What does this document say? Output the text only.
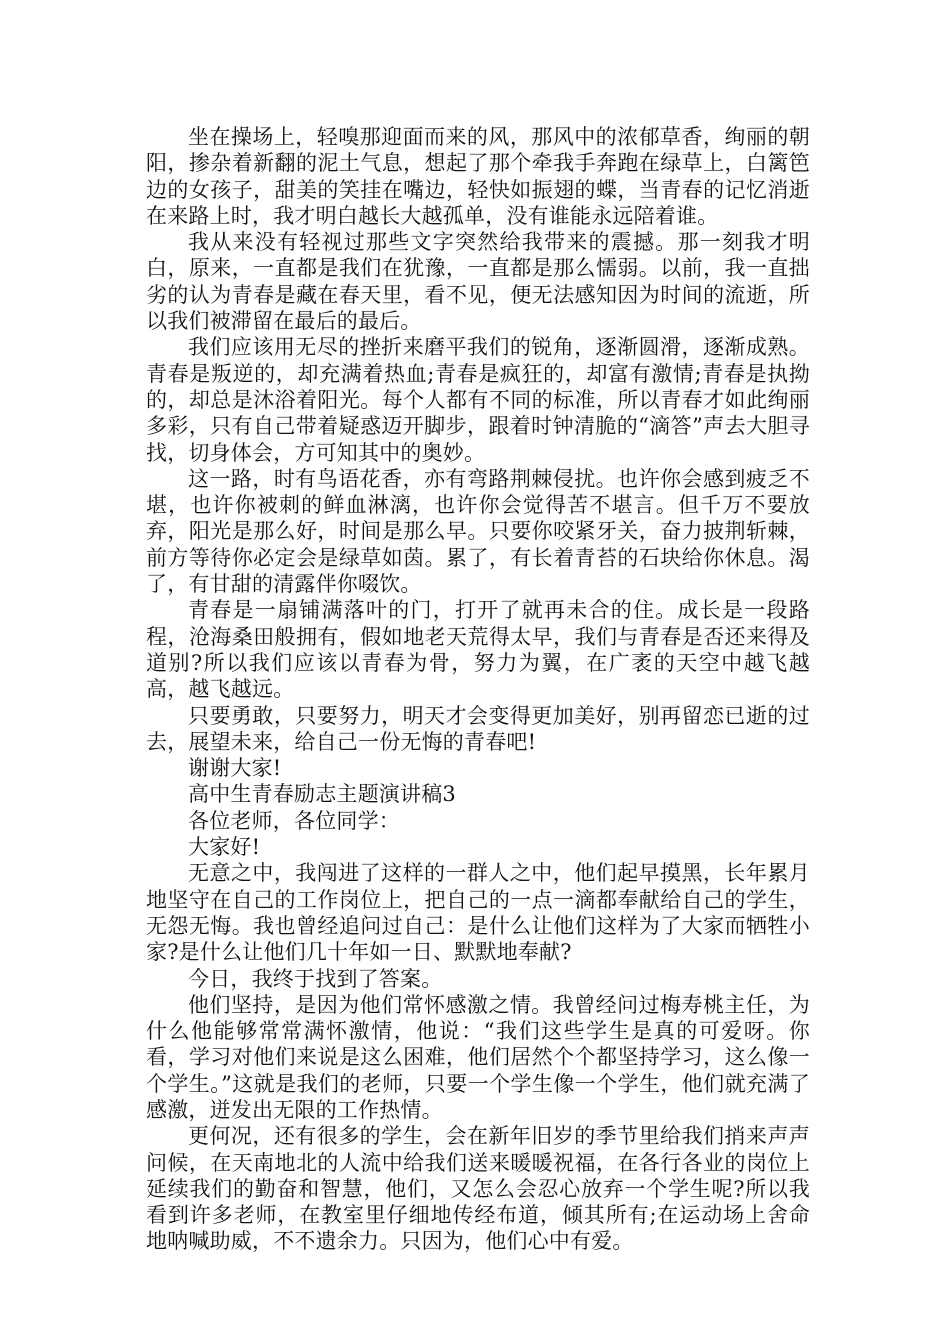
坐在操场上，轻嗅那迎面而来的风，那风中的浓郁草香，绚丽的朝阳，掺杂着新翻的泥土气息，想起了那个牵我手奔跑在绿草上，白篱笆边的女孩子，甜美的笑挂在嘴边，轻快如振翅的蝶，当青春的记忆消逝在来路上时，我才明白越长大越孤单，没有谁能永远陪着谁。

我从来没有轻视过那些文字突然给我带来的震撼。那一刻我才明白，原来，一直都是我们在犹豫，一直都是那么懦弱。以前，我一直拙劣的认为青春是藏在春天里，看不见，便无法感知因为时间的流逝，所以我们被滞留在最后的最后。

我们应该用无尽的挫折来磨平我们的锐角，逐渐圆滑，逐渐成熟。青春是叛逆的，却充满着热血;青春是疯狂的，却富有激情;青春是执拗的，却总是沐浴着阳光。每个人都有不同的标准，所以青春才如此绚丽多彩，只有自己带着疑惑迈开脚步，跟着时钟清脆的“滴答”声去大胆寻找，切身体会，方可知其中的奥妙。

这一路，时有鸟语花香，亦有弯路荆棘侵扰。也许你会感到疲乏不堪，也许你被刺的鲜血淋漓，也许你会觉得苦不堪言。但千万不要放弃，阳光是那么好，时间是那么早。只要你咬紧牙关，奋力披荆斩棘，前方等待你必定会是绿草如茵。累了，有长着青苔的石块给你休息。渴了，有甘甜的清露伴你啜饮。

青春是一扇铺满落叶的门，打开了就再未合的住。成长是一段路程，沧海桑田般拥有，假如地老天荒得太早，我们与青春是否还来得及道别?所以我们应该以青春为骨，努力为翼，在广袤的天空中越飞越高，越飞越远。

只要勇敢，只要努力，明天才会变得更加美好，别再留恋已逝的过去，展望未来，给自己一份无悔的青春吧!

谢谢大家!

高中生青春励志主题演讲稿3

各位老师，各位同学：

大家好!

无意之中，我闯进了这样的一群人之中，他们起早摸黑，长年累月地坚守在自己的工作岗位上，把自己的一点一滴都奉献给自己的学生，无怨无悔。我也曾经追问过自己：是什么让他们这样为了大家而牺牲小家?是什么让他们几十年如一日、默默地奉献?

今日，我终于找到了答案。

他们坚持，是因为他们常怀感激之情。我曾经问过梅寿桃主任，为什么他能够常常满怀激情，他说：“我们这些学生是真的可爱呀。你看，学习对他们来说是这么困难，他们居然个个都坚持学习，这么像一个学生。”这就是我们的老师，只要一个学生像一个学生，他们就充满了感激，迸发出无限的工作热情。

更何况，还有很多的学生，会在新年旧岁的季节里给我们捎来声声问候，在天南地北的人流中给我们送来暖暖祝福，在各行各业的岗位上延续我们的勤奋和智慧，他们，又怎么会忍心放弃一个学生呢?所以我看到许多老师，在教室里仔细地传经布道，倾其所有;在运动场上舍命地呐喊助威，不不遗余力。只因为，他们心中有爱。
